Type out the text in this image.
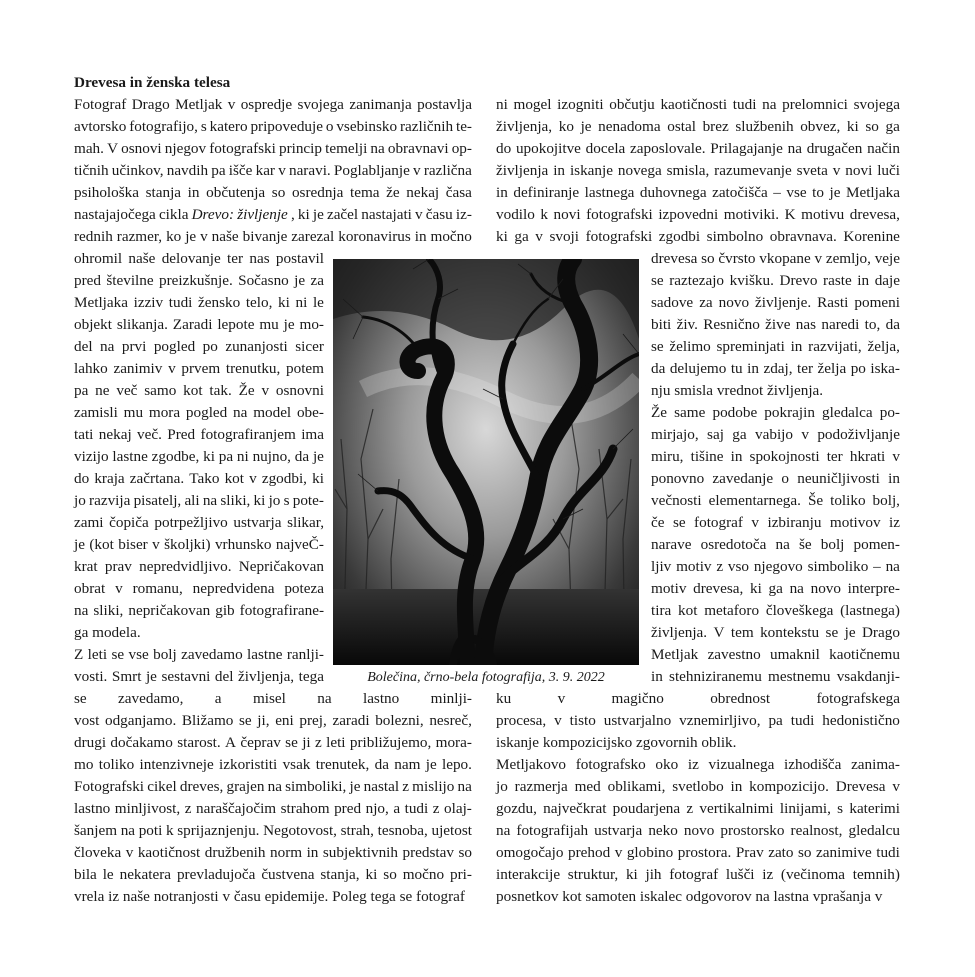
Drevesa in ženska telesa
Fotograf Drago Metljak v ospredje svojega zanimanja postavlja
avtorsko fotografijo, s katero pripoveduje o vsebinsko različnih te-
mah. V osnovi njegov fotografski princip temelji na obravnavi op-
tičnih učinkov, navdih pa išče kar v naravi. Poglabljanje v različna
psihološka stanja in občutenja so osrednja tema že nekaj časa
nastajajočega cikla Drevo: življenje , ki je začel nastajati v času iz-
rednih razmer, ko je v naše bivanje zarezal koronavirus in močno
ohromil naše delovanje ter nas postavil
pred številne preizkušnje. Sočasno je za
Metljaka izziv tudi žensko telo, ki ni le
objekt slikanja. Zaradi lepote mu je mo-
del na prvi pogled po zunanjosti sicer
lahko zanimiv v prvem trenutku, potem
pa ne več samo kot tak. Že v osnovni
zamisli mu mora pogled na model obe-
tati nekaj več. Pred fotografiranjem ima
vizijo lastne zgodbe, ki pa ni nujno, da je
do kraja začrtana. Tako kot v zgodbi, ki
jo razvija pisatelj, ali na sliki, ki jo s pote-
zami čopiča potrpežljivo ustvarja slikar,
je (kot biser v školjki) vrhunsko najveČ-
krat prav nepredvidljivo. Nepričakovan
obrat v romanu, nepredvidena poteza
na sliki, nepričakovan gib fotografirane-
ga modela.
Z leti se vse bolj zavedamo lastne ranlji-
vosti. Smrt je sestavni del življenja, tega
se zavedamo, a misel na lastno minlji-
vost odganjamo. Bližamo se ji, eni prej, zaradi bolezni, nesreč,
drugi dočakamo starost. A čeprav se ji z leti približujemo, mora-
mo toliko intenzivneje izkoristiti vsak trenutek, da nam je lepo.
Fotografski cikel dreves, grajen na simboliki, je nastal z mislijo na
lastno minljivost, z naraščajočim strahom pred njo, a tudi z olaj-
šanjem na poti k sprijaznjenju. Negotovost, strah, tesnoba, ujetost
človeka v kaotičnost družbenih norm in subjektivnih predstav so
bila le nekatera prevladujoča čustvena stanja, ki so močno pri-
vrela iz naše notranjosti v času epidemije. Poleg tega se fotograf
ni mogel izogniti občutju kaotičnosti tudi na prelomnici svojega
življenja, ko je nenadoma ostal brez službenih obvez, ki so ga
do upokojitve docela zaposlovale. Prilagajanje na drugačen način
življenja in iskanje novega smisla, razumevanje sveta v novi luči
in definiranje lastnega duhovnega zatočišča – vse to je Metljaka
vodilo k novi fotografski izpovedni motiviki. K motivu drevesa,
ki ga v svoji fotografski zgodbi simbolno obravnava. Korenine
drevesa so čvrsto vkopane v zemljo, veje
se raztezajo kvišku. Drevo raste in daje
sadove za novo življenje. Rasti pomeni
biti živ. Resnično žive nas naredi to, da
se želimo spreminjati in razvijati, želja,
da delujemo tu in zdaj, ter želja po iska-
nju smisla vrednot življenja.
Že same podobe pokrajin gledalca po-
mirjajo, saj ga vabijo v podoživljanje
miru, tišine in spokojnosti ter hkrati v
ponovno zavedanje o neuničljivosti in
večnosti elementarnega. Še toliko bolj,
če se fotograf v izbiranju motivov iz
narave osredotoča na še bolj pomen-
ljiv motiv z vso njegovo simboliko – na
motiv drevesa, ki ga na novo interpre-
tira kot metaforo človeškega (lastnega)
življenja. V tem kontekstu se je Drago
Metljak zavestno umaknil kaotičnemu
in stehniziranemu mestnemu vsakdanji-
ku	v	magično	obrednost	fotografskega
procesa, v tisto ustvarjalno vznemirljivo, pa tudi hedonistično
iskanje kompozicijsko zgovornih oblik.
Metljakovo fotografsko oko iz vizualnega izhodišča zanima-
jo razmerja med oblikami, svetlobo in kompozicijo. Drevesa v
gozdu, največkrat poudarjena z vertikalnimi linijami, s katerimi
na fotografijah ustvarja neko novo prostorsko realnost, gledalcu
omogočajo prehod v globino prostora. Prav zato so zanimive tudi
interakcije struktur, ki jih fotograf lušči iz (večinoma temnih)
posnetkov kot samoten iskalec odgovorov na lastna vprašanja v
Bolečina, črno-bela fotografija, 3. 9. 2022
